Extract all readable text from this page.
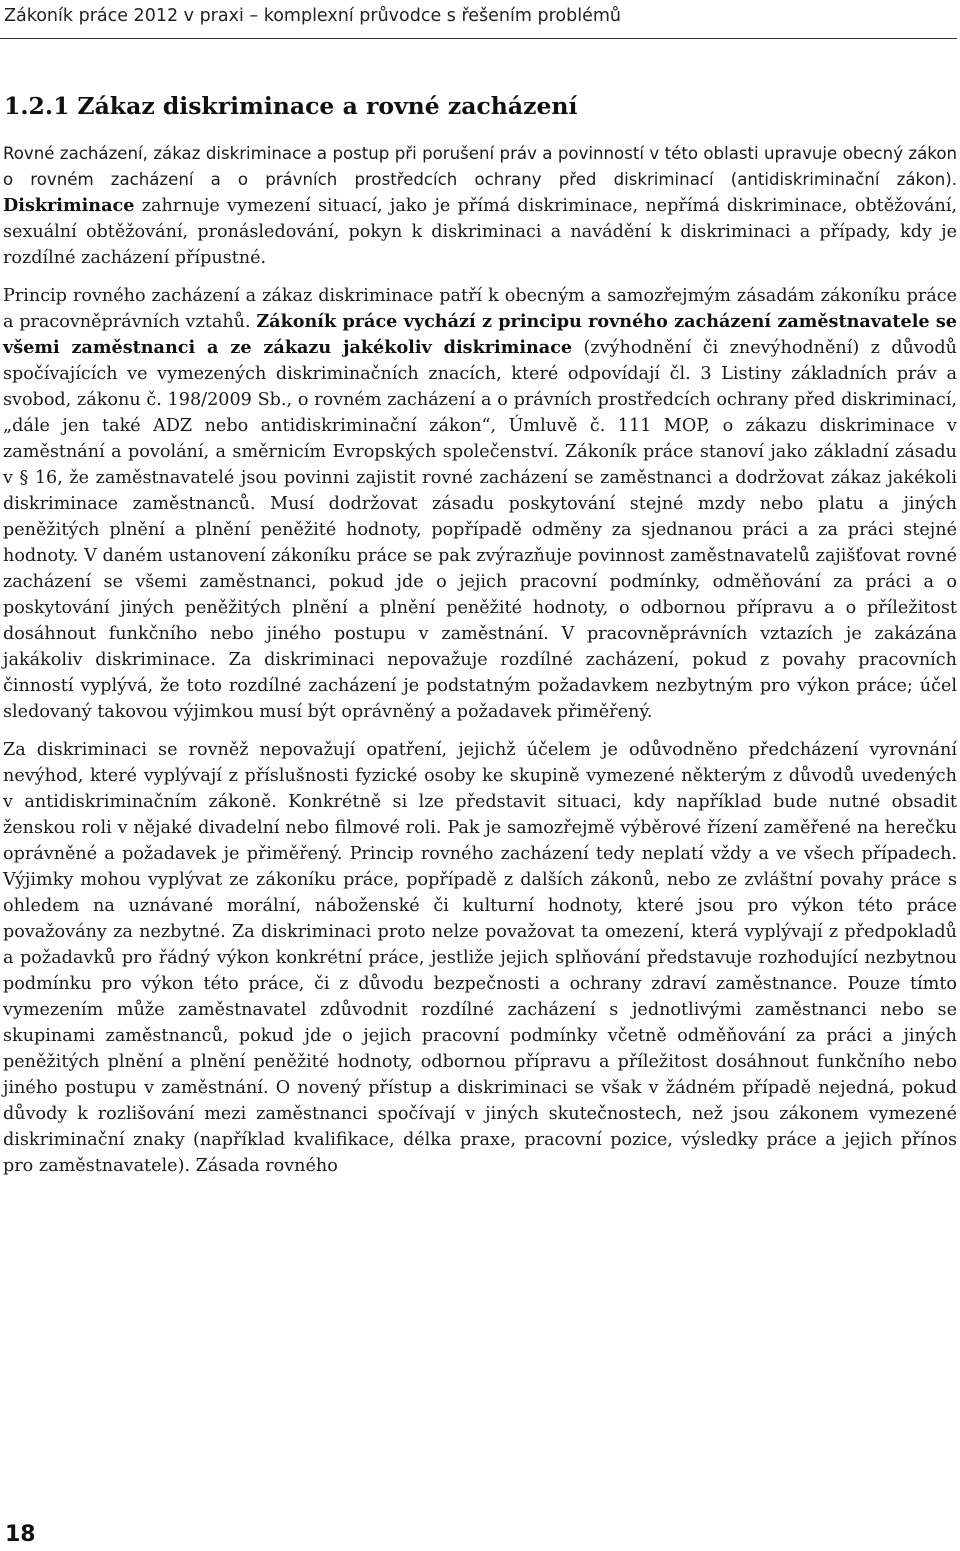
Zákoník práce 2012 v praxi – komplexní průvodce s řešením problémů
1.2.1 Zákaz diskriminace a rovné zacházení

Rovné zacházení, zákaz diskriminace a postup při porušení práv a povinností v této oblasti upravuje obecný zákon o rovném zacházení a o právních prostředcích ochrany před diskriminací (antidiskriminační zákon). Diskriminace zahrnuje vymezení situací, jako je přímá diskriminace, nepřímá diskriminace, obtěžování, sexuální obtěžování, pronásledování, pokyn k diskriminaci a navádění k diskriminaci a případy, kdy je rozdílné zacházení přípustné.

Princip rovného zacházení a zákaz diskriminace patří k obecným a samozřejmým zásadám zákoníku práce a pracovněprávních vztahů. Zákoník práce vychází z principu rovného zacházení zaměstnavatele se všemi zaměstnanci a ze zákazu jakékoliv diskriminace (zvýhodnění či znevýhodnění) z důvodů spočívajících ve vymezených diskriminačních znacích, které odpovídají čl. 3 Listiny základních práv a svobod, zákonu č. 198/2009 Sb., o rovném zacházení a o právních prostředcích ochrany před diskriminací, „dále jen také ADZ nebo antidiskriminační zákon“, Úmluvě č. 111 MOP, o zákazu diskriminace v zaměstnání a povolání, a směrnicím Evropských společenství. Zákoník práce stanoví jako základní zásadu v § 16, že zaměstnavatelé jsou povinni zajistit rovné zacházení se zaměstnanci a dodržovat zákaz jakékoli diskriminace zaměstnanců. Musí dodržovat zásadu poskytování stejné mzdy nebo platu a jiných peněžitých plnění a plnění peněžité hodnoty, popřípadě odměny za sjednanou práci a za práci stejné hodnoty. V daném ustanovení zákoníku práce se pak zvýrazňuje povinnost zaměstnavatelů zajišťovat rovné zacházení se všemi zaměstnanci, pokud jde o jejich pracovní podmínky, odměňování za práci a o poskytování jiných peněžitých plnění a plnění peněžité hodnoty, o odbornou přípravu a o příležitost dosáhnout funkčního nebo jiného postupu v zaměstnání. V pracovněprávních vztazích je zakázána jakákoliv diskriminace. Za diskriminaci nepovažuje rozdílné zacházení, pokud z povahy pracovních činností vyplývá, že toto rozdílné zacházení je podstatným požadavkem nezbytným pro výkon práce; účel sledovaný takovou výjimkou musí být oprávněný a požadavek přiměřený.

Za diskriminaci se rovněž nepovažují opatření, jejichž účelem je odůvodněno předcházení vyrovnání nevýhod, které vyplývají z příslušnosti fyzické osoby ke skupině vymezené některým z důvodů uvedených v antidiskriminačním zákoně. Konkrétně si lze představit situaci, kdy například bude nutné obsadit ženskou roli v nějaké divadelní nebo filmové roli. Pak je samozřejmě výběrové řízení zaměřené na herečku oprávněné a požadavek je přiměřený. Princip rovného zacházení tedy neplatí vždy a ve všech případech. Výjimky mohou vyplývat ze zákoníku práce, popřípadě z dalších zákonů, nebo ze zvláštní povahy práce s ohledem na uznávané morální, náboženské či kulturní hodnoty, které jsou pro výkon této práce považovány za nezbytné. Za diskriminaci proto nelze považovat ta omezení, která vyplývají z předpokladů a požadavků pro řádný výkon konkrétní práce, jestliže jejich splňování představuje rozhodující nezbytnou podmínku pro výkon této práce, či z důvodu bezpečnosti a ochrany zdraví zaměstnance. Pouze tímto vymezením může zaměstnavatel zdůvodnit rozdílné zacházení s jednotlivými zaměstnanci nebo se skupinami zaměstnanců, pokud jde o jejich pracovní podmínky včetně odměňování za práci a jiných peněžitých plnění a plnění peněžité hodnoty, odbornou přípravu a příležitost dosáhnout funkčního nebo jiného postupu v zaměstnání. O novený přístup a diskriminaci se však v žádném případě nejedná, pokud důvody k rozlišování mezi zaměstnanci spočívají v jiných skutečnostech, než jsou zákonem vymezené diskriminační znaky (například kvalifikace, délka praxe, pracovní pozice, výsledky práce a jejich přínos pro zaměstnavatele). Zásada rovného

18
